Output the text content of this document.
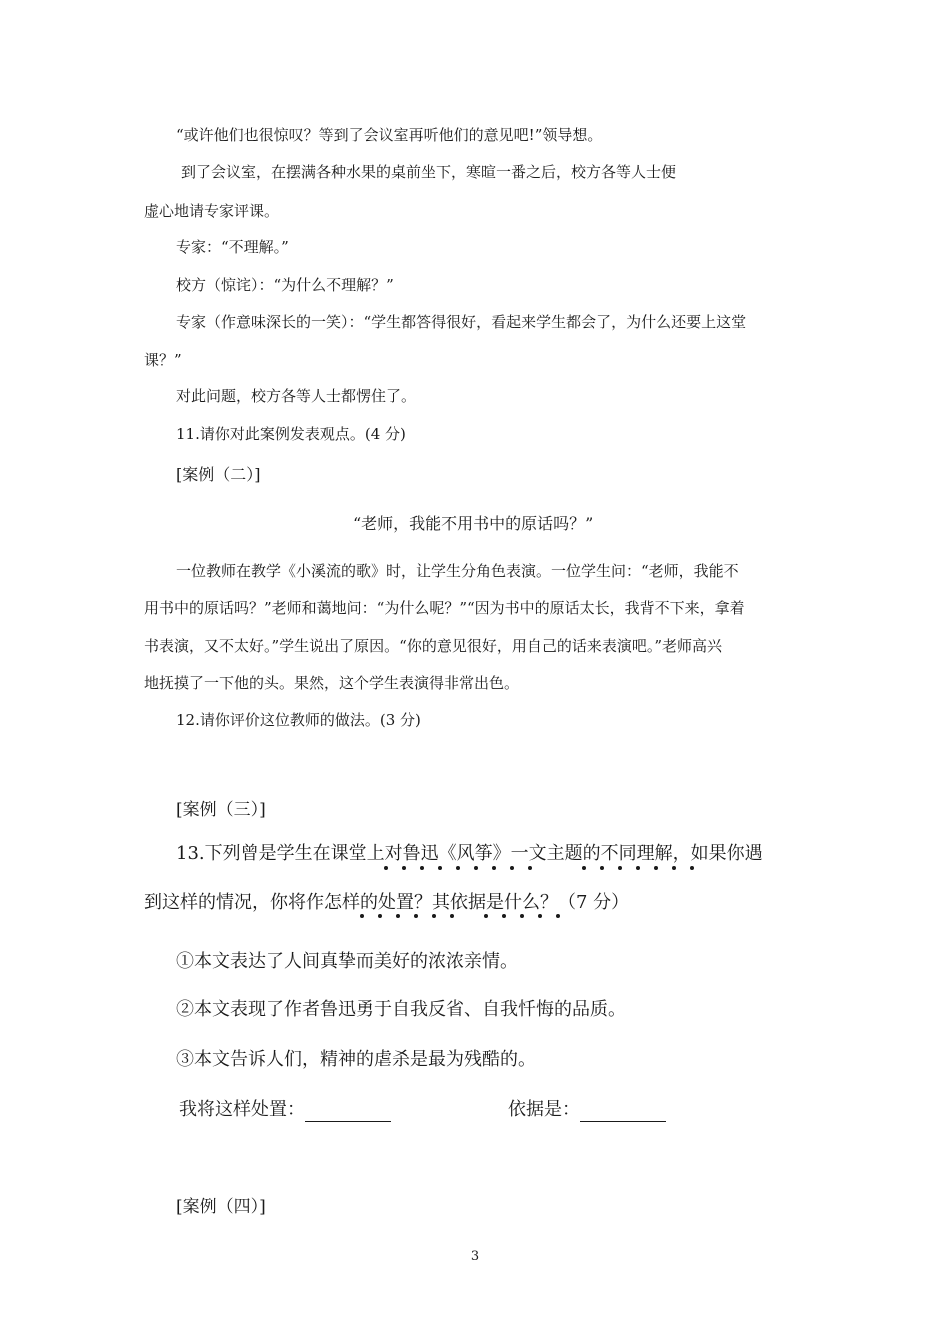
“或许他们也很惊叹？等到了会议室再听他们的意见吧!”领导想。
到了会议室，在摆满各种水果的桌前坐下，寒暄一番之后，校方各等人士便
虚心地请专家评课。
专家：“不理解。”
校方（惊诧）：“为什么不理解？”
专家（作意味深长的一笑）：“学生都答得很好，看起来学生都会了，为什么还要上这堂
课？”
对此问题，校方各等人士都愣住了。
11.请你对此案例发表观点。(4 分)
[案例（二）]
“老师，我能不用书中的原话吗？”
一位教师在教学《小溪流的歌》时，让学生分角色表演。一位学生问：“老师，我能不
用书中的原话吗？”老师和蔼地问：“为什么呢？”“因为书中的原话太长，我背不下来，拿着
书表演，又不太好。”学生说出了原因。“你的意见很好，用自己的话来表演吧。”老师高兴
地抚摸了一下他的头。果然，这个学生表演得非常出色。
12.请你评价这位教师的做法。(3 分)
[案例（三）]
13.下列曾是学生在课堂上对鲁迅《风筝》一文主题的不同理解，如果你遇
到这样的情况，你将作怎样的处置？其依据是什么？（7 分）
①本文表达了人间真挚而美好的浓浓亲情。
②本文表现了作者鲁迅勇于自我反省、自我忏悔的品质。
③本文告诉人们，精神的虐杀是最为残酷的。
我将这样处置：	依据是：
[案例（四）]
3
